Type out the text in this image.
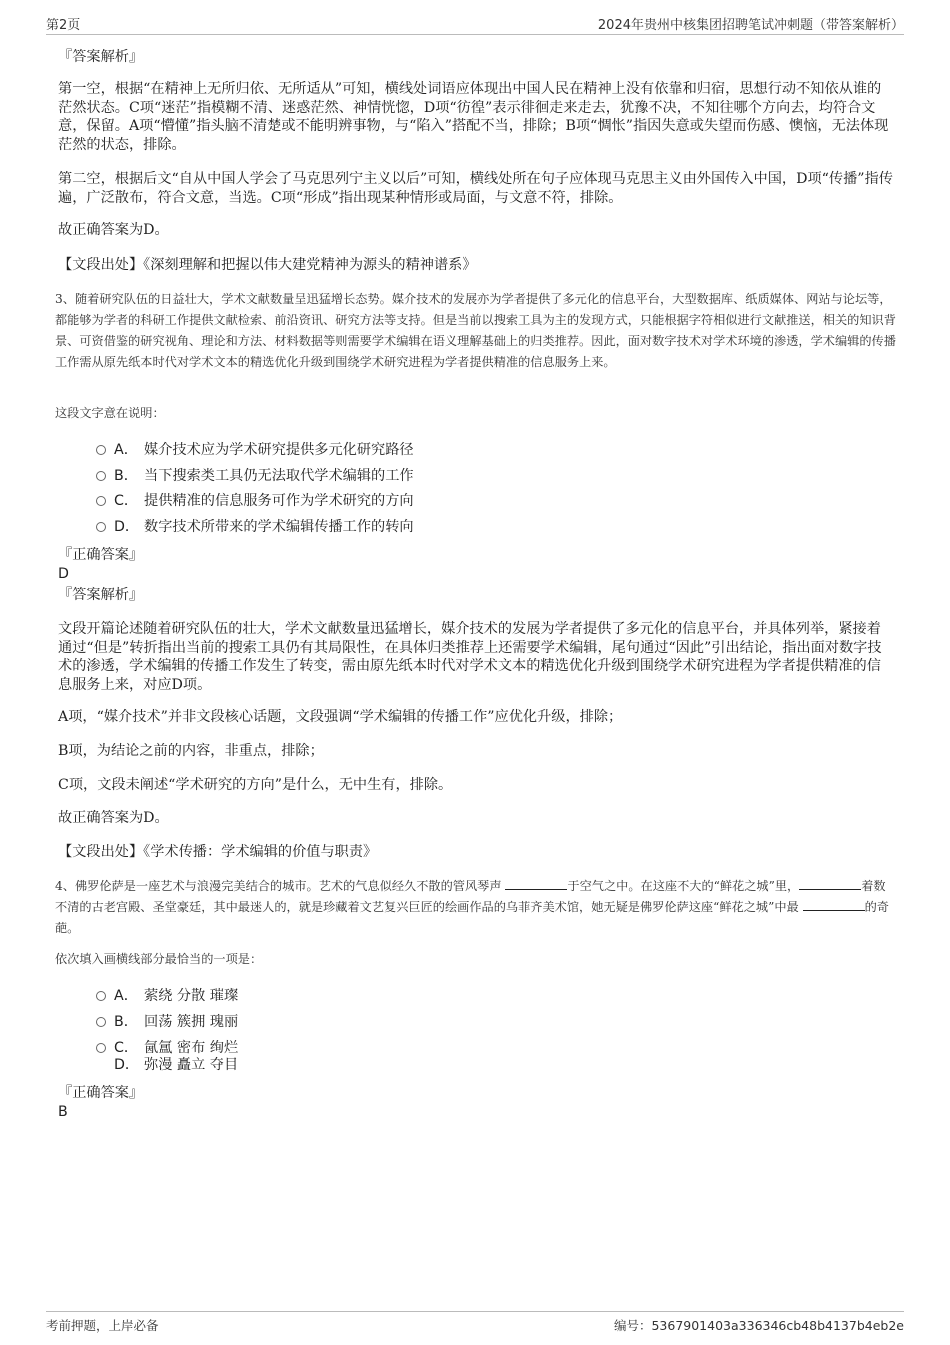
第2页	2024年贵州中核集团招聘笔试冲刺题（带答案解析）
『答案解析』

第一空，根据“在精神上无所归依、无所适从”可知，横线处词语应体现出中国人民在精神上没有依靠和归宿，思想行动不知依从谁的茫然状态。C项“迷茫”指模糊不清、迷惑茫然、神情恍惚，D项“彷徨”表示徘徊走来走去，犹豫不决，不知往哪个方向去，均符合文意，保留。A项“懵懂”指头脑不清楚或不能明辨事物，与“陷入”搭配不当，排除；B项“惆怅”指因失意或失望而伤感、懊恼，无法体现茫然的状态，排除。

第二空，根据后文“自从中国人学会了马克思列宁主义以后”可知，横线处所在句子应体现马克思主义由外国传入中国，D项“传播”指传遍，广泛散布，符合文意，当选。C项“形成”指出现某种情形或局面，与文意不符，排除。

故正确答案为D。
【文段出处】《深刻理解和把握以伟大建党精神为源头的精神谱系》

3、随着研究队伍的日益壮大，学术文献数量呈迅猛增长态势。媒介技术的发展亦为学者提供了多元化的信息平台，大型数据库、纸质媒体、网站与论坛等，都能够为学者的科研工作提供文献检索、前沿资讯、研究方法等支持。但是当前以搜索工具为主的发现方式，只能根据字符相似进行文献推送，相关的知识背景、可资借鉴的研究视角、理论和方法、材料数据等则需要学术编辑在语义理解基础上的归类推荐。因此，面对数字技术对学术环境的渗透，学术编辑的传播工作需从原先纸本时代对学术文本的精选优化升级到围绕学术研究进程为学者提供精准的信息服务上来。

这段文字意在说明：
A． 媒介技术应为学术研究提供多元化研究路径
B． 当下搜索类工具仍无法取代学术编辑的工作
C． 提供精准的信息服务可作为学术研究的方向
D． 数字技术所带来的学术编辑传播工作的转向
『正确答案』
D
『答案解析』

文段开篇论述随着研究队伍的壮大，学术文献数量迅猛增长，媒介技术的发展为学者提供了多元化的信息平台，并具体列举，紧接着通过“但是”转折指出当前的搜索工具仍有其局限性，在具体归类推荐上还需要学术编辑，尾句通过“因此”引出结论，指出面对数字技术的渗透，学术编辑的传播工作发生了转变，需由原先纸本时代对学术文本的精选优化升级到围绕学术研究进程为学者提供精准的信息服务上来，对应D项。

A项，“媒介技术”并非文段核心话题，文段强调“学术编辑的传播工作”应优化升级，排除；
B项，为结论之前的内容，非重点，排除；
C项，文段未阐述“学术研究的方向”是什么，无中生有，排除。
故正确答案为D。
【文段出处】《学术传播：学术编辑的价值与职责》

4、佛罗伦萨是一座艺术与浪漫完美结合的城市。艺术的气息似经久不散的管风琴声	于空气之中。在这座不大的“鲜花之城”里，	着数不清的古老宫殿、圣堂豪廷，其中最迷人的，就是珍藏着文艺复兴巨匠的绘画作品的乌菲齐美术馆，她无疑是佛罗伦萨这座“鲜花之城”中最	的奇葩。

依次填入画横线部分最恰当的一项是：
A． 萦绕 分散 璀璨
B． 回荡 簇拥 瑰丽
C． 氤氲 密布 绚烂
D． 弥漫 矗立 夺目
『正确答案』
B
考前押题，上岸必备	编号：5367901403a336346cb48b4137b4eb2e
